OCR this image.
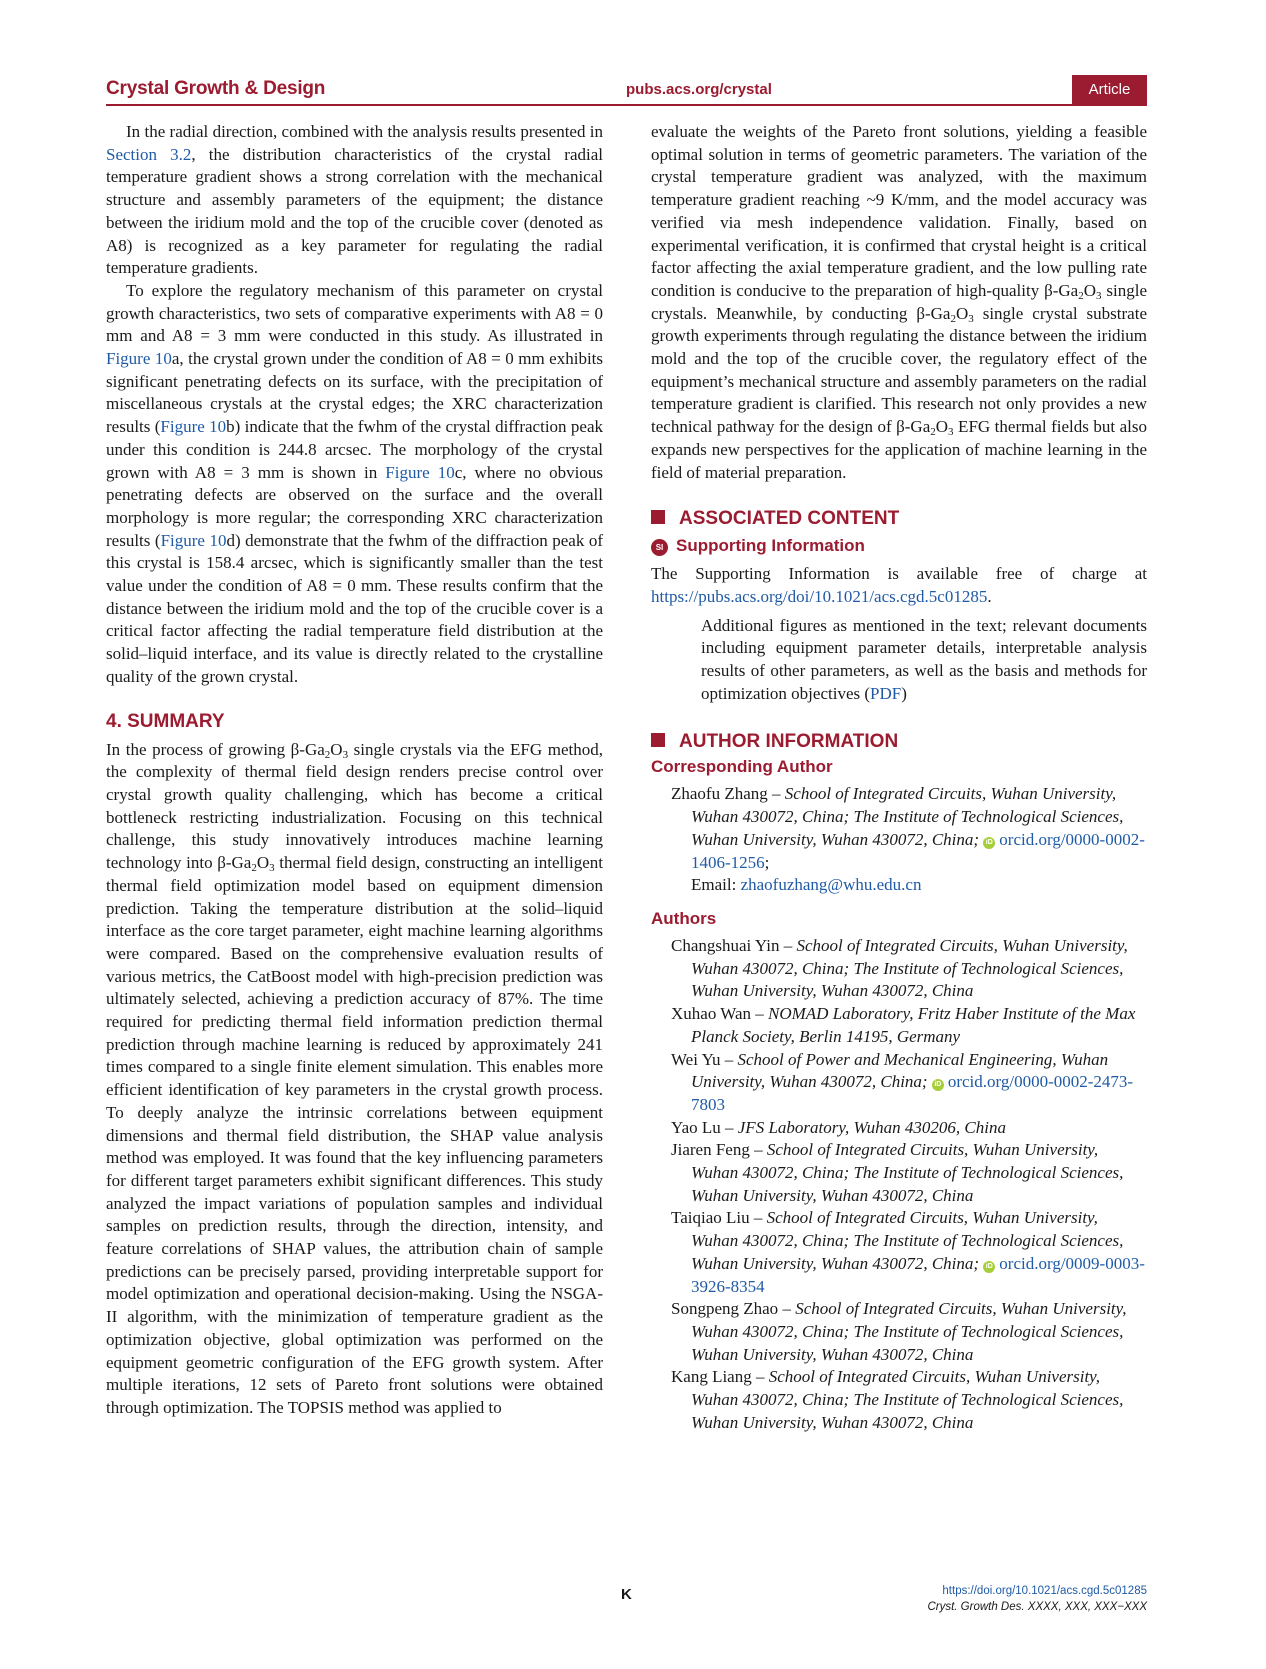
Crystal Growth & Design	pubs.acs.org/crystal	Article

In the radial direction, combined with the analysis results presented in Section 3.2, the distribution characteristics of the crystal radial temperature gradient shows a strong correlation with the mechanical structure and assembly parameters of the equipment; the distance between the iridium mold and the top of the crucible cover (denoted as A8) is recognized as a key parameter for regulating the radial temperature gradients.

To explore the regulatory mechanism of this parameter on crystal growth characteristics, two sets of comparative experiments with A8 = 0 mm and A8 = 3 mm were conducted in this study. As illustrated in Figure 10a, the crystal grown under the condition of A8 = 0 mm exhibits significant penetrating defects on its surface, with the precipitation of miscellaneous crystals at the crystal edges; the XRC characterization results (Figure 10b) indicate that the fwhm of the crystal diffraction peak under this condition is 244.8 arcsec. The morphology of the crystal grown with A8 = 3 mm is shown in Figure 10c, where no obvious penetrating defects are observed on the surface and the overall morphology is more regular; the corresponding XRC characterization results (Figure 10d) demonstrate that the fwhm of the diffraction peak of this crystal is 158.4 arcsec, which is significantly smaller than the test value under the condition of A8 = 0 mm. These results confirm that the distance between the iridium mold and the top of the crucible cover is a critical factor affecting the radial temperature field distribution at the solid–liquid interface, and its value is directly related to the crystalline quality of the grown crystal.

4. SUMMARY

In the process of growing $\beta-Ga_2O_3$ single crystals via the EFG method, the complexity of thermal field design renders precise control over crystal growth quality challenging, which has become a critical bottleneck restricting industrialization. Focusing on this technical challenge, this study innovatively introduces machine learning technology into $\beta-Ga_2O_3$ thermal field design, constructing an intelligent thermal field optimization model based on equipment dimension prediction. Taking the temperature distribution at the solid–liquid interface as the core target parameter, eight machine learning algorithms were compared. Based on the comprehensive evaluation results of various metrics, the CatBoost model with high-precision prediction was ultimately selected, achieving a prediction accuracy of 87%. The time required for predicting thermal field information prediction thermal prediction through machine learning is reduced by approximately 241 times compared to a single finite element simulation. This enables more efficient identification of key parameters in the crystal growth process. To deeply analyze the intrinsic correlations between equipment dimensions and thermal field distribution, the SHAP value analysis method was employed. It was found that the key influencing parameters for different target parameters exhibit significant differences. This study analyzed the impact variations of population samples and individual samples on prediction results, through the direction, intensity, and feature correlations of SHAP values, the attribution chain of sample predictions can be precisely parsed, providing interpretable support for model optimization and operational decision-making. Using the NSGA-II algorithm, with the minimization of temperature gradient as the optimization objective, global optimization was performed on the equipment geometric configuration of the EFG growth system. After multiple iterations, 12 sets of Pareto front solutions were obtained through optimization. The TOPSIS method was applied to

evaluate the weights of the Pareto front solutions, yielding a feasible optimal solution in terms of geometric parameters. The variation of the crystal temperature gradient was analyzed, with the maximum temperature gradient reaching ~9 K/mm, and the model accuracy was verified via mesh independence validation. Finally, based on experimental verification, it is confirmed that crystal height is a critical factor affecting the axial temperature gradient, and the low pulling rate condition is conducive to the preparation of high-quality $\beta-Ga_2O_3$ single crystals. Meanwhile, by conducting $\beta-Ga_2O_3$ single crystal substrate growth experiments through regulating the distance between the iridium mold and the top of the crucible cover, the regulatory effect of the equipment’s mechanical structure and assembly parameters on the radial temperature gradient is clarified. This research not only provides a new technical pathway for the design of $\beta-Ga_2O_3$ EFG thermal fields but also expands new perspectives for the application of machine learning in the field of material preparation.

ASSOCIATED CONTENT
SI Supporting Information

The Supporting Information is available free of charge at https://pubs.acs.org/doi/10.1021/acs.cgd.5c01285.

Additional figures as mentioned in the text; relevant documents including equipment parameter details, interpretable analysis results of other parameters, as well as the basis and methods for optimization objectives (PDF)

AUTHOR INFORMATION
Corresponding Author

Zhaofu Zhang – School of Integrated Circuits, Wuhan University, Wuhan 430072, China; The Institute of Technological Sciences, Wuhan University, Wuhan 430072, China; iD orcid.org/0000-0002-1406-1256;
Email: zhaofuzhang@whu.edu.cn

Authors

Changshuai Yin – School of Integrated Circuits, Wuhan University, Wuhan 430072, China; The Institute of Technological Sciences, Wuhan University, Wuhan 430072, China

Xuhao Wan – NOMAD Laboratory, Fritz Haber Institute of the Max Planck Society, Berlin 14195, Germany

Wei Yu – School of Power and Mechanical Engineering, Wuhan University, Wuhan 430072, China; iD orcid.org/0000-0002-2473-7803

Yao Lu – JFS Laboratory, Wuhan 430206, China

Jiaren Feng – School of Integrated Circuits, Wuhan University, Wuhan 430072, China; The Institute of Technological Sciences, Wuhan University, Wuhan 430072, China

Taiqiao Liu – School of Integrated Circuits, Wuhan University, Wuhan 430072, China; The Institute of Technological Sciences, Wuhan University, Wuhan 430072, China; iD orcid.org/0009-0003-3926-8354

Songpeng Zhao – School of Integrated Circuits, Wuhan University, Wuhan 430072, China; The Institute of Technological Sciences, Wuhan University, Wuhan 430072, China

Kang Liang – School of Integrated Circuits, Wuhan University, Wuhan 430072, China; The Institute of Technological Sciences, Wuhan University, Wuhan 430072, China

K	https://doi.org/10.1021/acs.cgd.5c01285
Cryst. Growth Des. XXXX, XXX, XXX−XXX
